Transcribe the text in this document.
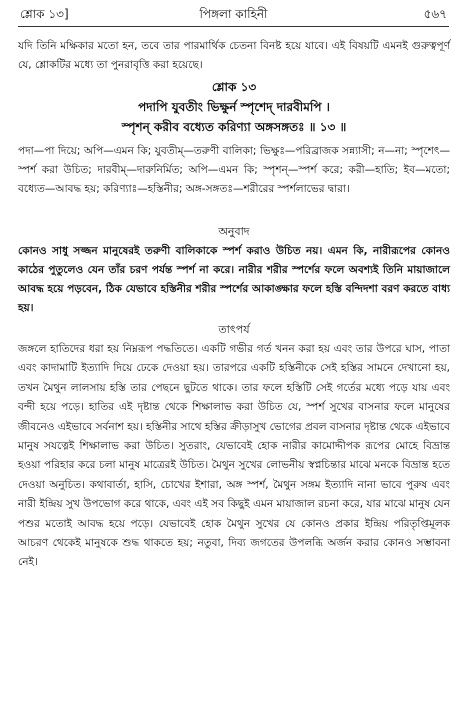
শ্লোক ১৩]	পিঙ্গলা কাহিনী	৫৬৭
যদি তিনি মক্ষিকার মতো হন, তবে তার পারমার্থিক চেতনা বিনষ্ট হয়ে যাবে। এই বিষয়টি এমনই গুরুত্বপূর্ণ যে, শ্লোকটির মধ্যে তা পুনরাবৃত্তি করা হয়েছে।
শ্লোক ১৩
পদাপি যুবতীং ভিক্ষুর্ন স্পৃশেদ্ দারবীমপি ।
স্পৃশন্ করীব বধ্যেত করিণ্যা অঙ্গসঙ্গতঃ ॥ ১৩ ॥
পদা—পা দিয়ে; অপি—এমন কি; যুবতীম্—তরুণী বালিকা; ভিক্ষুঃ—পরিব্রাজক সন্ন্যাসী; ন—না; স্পৃশেৎ—স্পর্শ করা উচিত; দারবীম্—দারুনির্মিত; অপি—এমন কি; স্পৃশন্—স্পর্শ করে; করী—হাতি; ইব—মতো; বধ্যেত—আবদ্ধ হয়; করিণ্যাঃ—হস্তিনীর; অঙ্গ-সঙ্গতঃ—শরীরের স্পর্শলাভের দ্বারা।
অনুবাদ
কোনও সাধু সজ্জন মানুষেরই তরুণী বালিকাকে স্পর্শ করাও উচিত নয়। এমন কি, নারীরূপের কোনও কাঠের পুতুলেও যেন তাঁর চরণ পর্যন্ত স্পর্শ না করে। নারীর শরীর স্পর্শের ফলে অবশ্যই তিনি মায়াজালে আবদ্ধ হয়ে পড়বেন, ঠিক যেভাবে হস্তিনীর শরীর স্পর্শের আকাঙ্ক্ষার ফলে হস্তি বন্দিদশা বরণ করতে বাধ্য হয়।
তাৎপর্য
জঙ্গলে হাতিদের ধরা হয় নিম্নরূপ পদ্ধতিতে। একটি গভীর গর্ত খনন করা হয় এবং তার উপরে ঘাস, পাতা এবং কাদামাটি ইত্যাদি দিয়ে ঢেকে দেওয়া হয়। তারপরে একটি হস্তিনীকে সেই হস্তির সামনে দেখানো হয়, তখন মৈথুন লালসায় হস্তি তার পেছনে ছুটতে থাকে। তার ফলে হস্তিটি সেই গর্তের মধ্যে পড়ে যায় এবং বন্দী হয়ে পড়ে। হাতির এই দৃষ্টান্ত থেকে শিক্ষালাভ করা উচিত যে, স্পর্শ সুখের বাসনার ফলে মানুষের জীবনেও এইভাবে সর্বনাশ হয়। হস্তিনীর সাথে হস্তির ক্রীড়াসুখ ভোগের প্রবল বাসনার দৃষ্টান্ত থেকে এইভাবে মানুষ সযত্নেই শিক্ষালাভ করা উচিত। সুতরাং, যেভাবেই হোক নারীর কামোদ্দীপক রূপের মোহে বিভ্রান্ত হওয়া পরিহার করে চলা মানুষ মাত্রেরই উচিত। মৈথুন সুখের লোভনীয় স্বপ্নচিন্তার মাঝে মনকে বিভ্রান্ত হতে দেওয়া অনুচিত। কথাবার্তা, হাসি, চোখের ইশারা, অঙ্গ স্পর্শ, মৈথুন সঙ্গম ইত্যাদি নানা ভাবে পুরুষ এবং নারী ইন্দ্রিয় সুখ উপভোগ করে থাকে, এবং এই সব কিছুই এমন মায়াজাল রচনা করে, যার মাঝে মানুষ যেন পশুর মতোই আবদ্ধ হয়ে পড়ে। যেভাবেই হোক মৈথুন সুখের যে কোনও প্রকার ইন্দ্রিয় পরিতৃপ্তিমূলক আচরণ থেকেই মানুষকে শুদ্ধ থাকতে হয়; নতুবা, দিব্য জগতের উপলব্ধি অর্জন করার কোনও সম্ভাবনা নেই।
